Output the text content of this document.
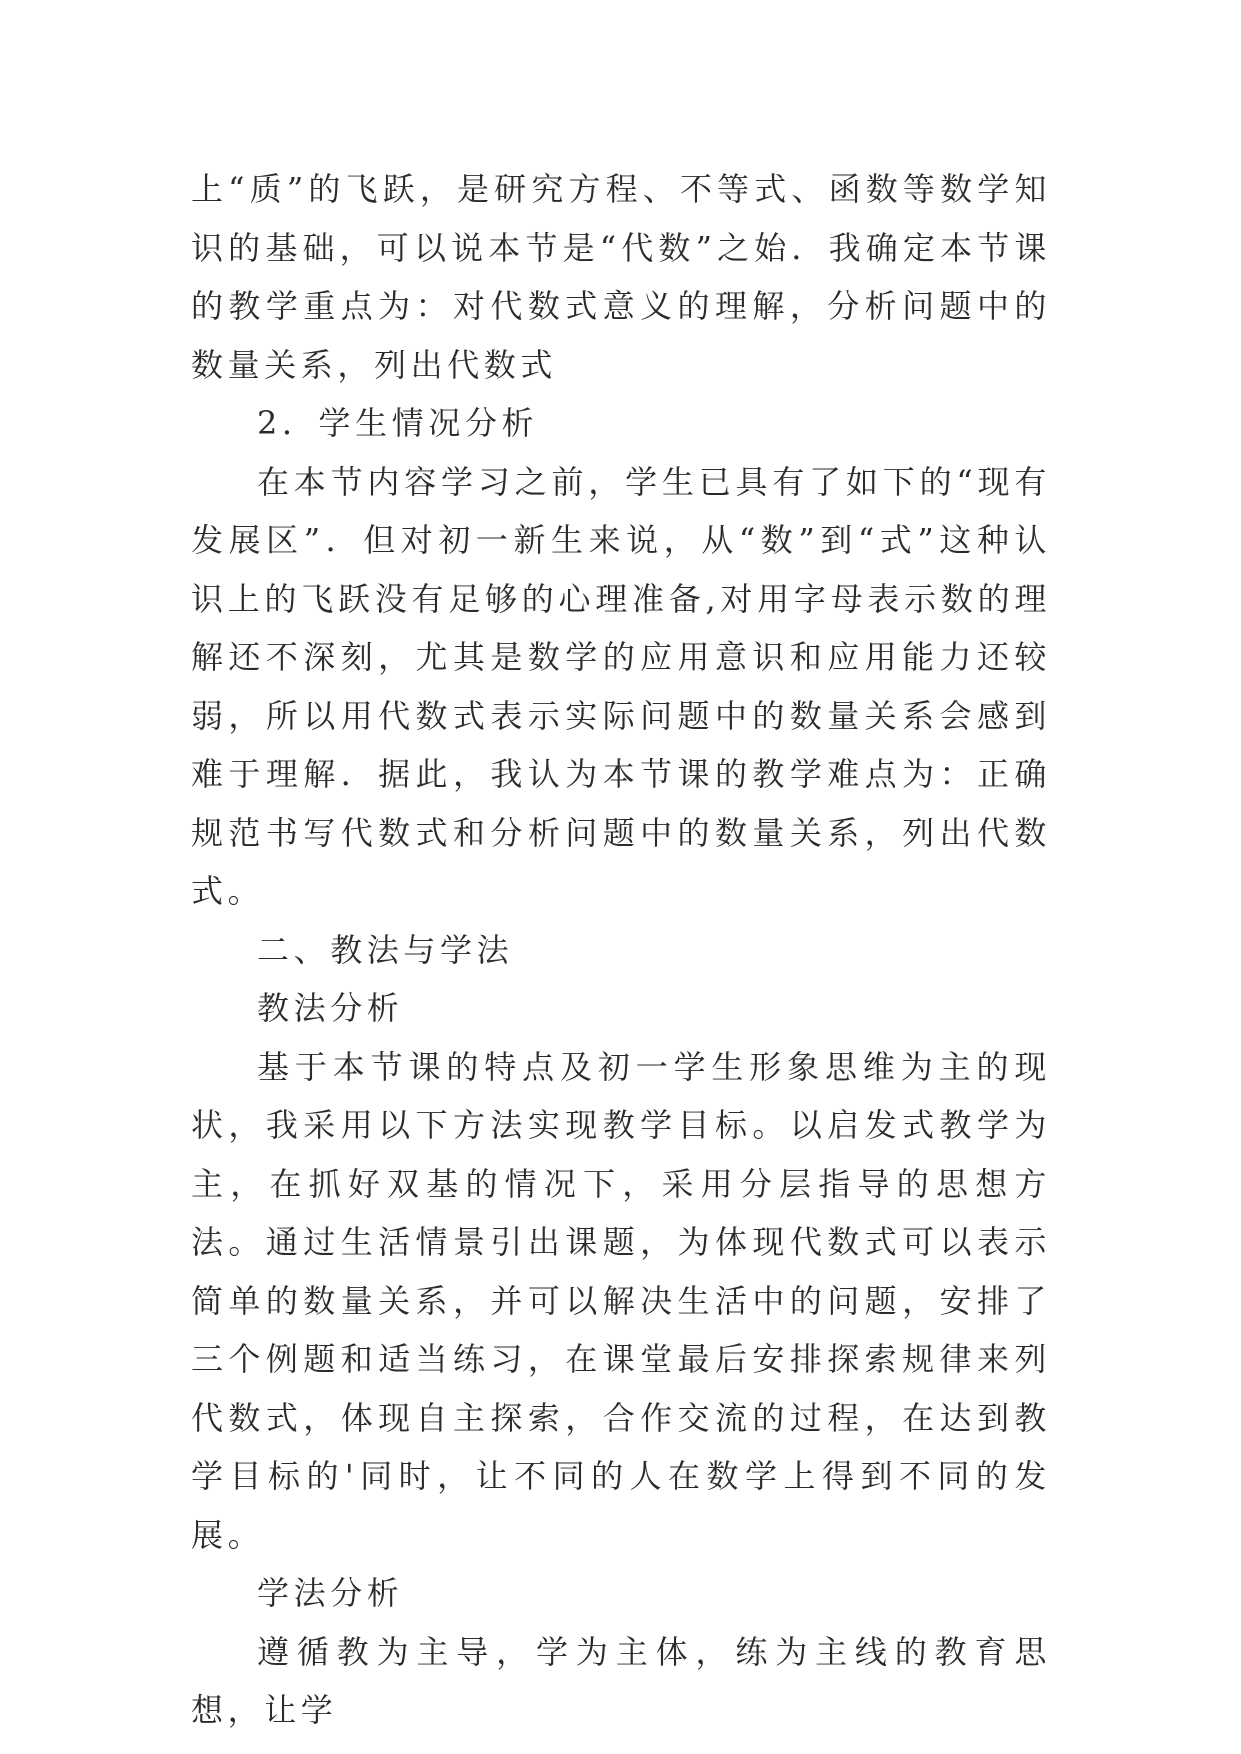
上“质”的飞跃，是研究方程、不等式、函数等数学知识的基础，可以说本节是“代数”之始．我确定本节课的教学重点为：对代数式意义的理解，分析问题中的数量关系，列出代数式

2．学生情况分析

在本节内容学习之前，学生已具有了如下的“现有发展区”．但对初一新生来说，从“数”到“式”这种认识上的飞跃没有足够的心理准备,对用字母表示数的理解还不深刻，尤其是数学的应用意识和应用能力还较弱，所以用代数式表示实际问题中的数量关系会感到难于理解．据此，我认为本节课的教学难点为：正确规范书写代数式和分析问题中的数量关系，列出代数式。

二、教法与学法

教法分析

基于本节课的特点及初一学生形象思维为主的现状，我采用以下方法实现教学目标。以启发式教学为主，在抓好双基的情况下，采用分层指导的思想方法。通过生活情景引出课题，为体现代数式可以表示简单的数量关系，并可以解决生活中的问题，安排了三个例题和适当练习，在课堂最后安排探索规律来列代数式，体现自主探索，合作交流的过程，在达到教学目标的'同时，让不同的人在数学上得到不同的发展。

学法分析

遵循教为主导，学为主体，练为主线的教育思想，让学
